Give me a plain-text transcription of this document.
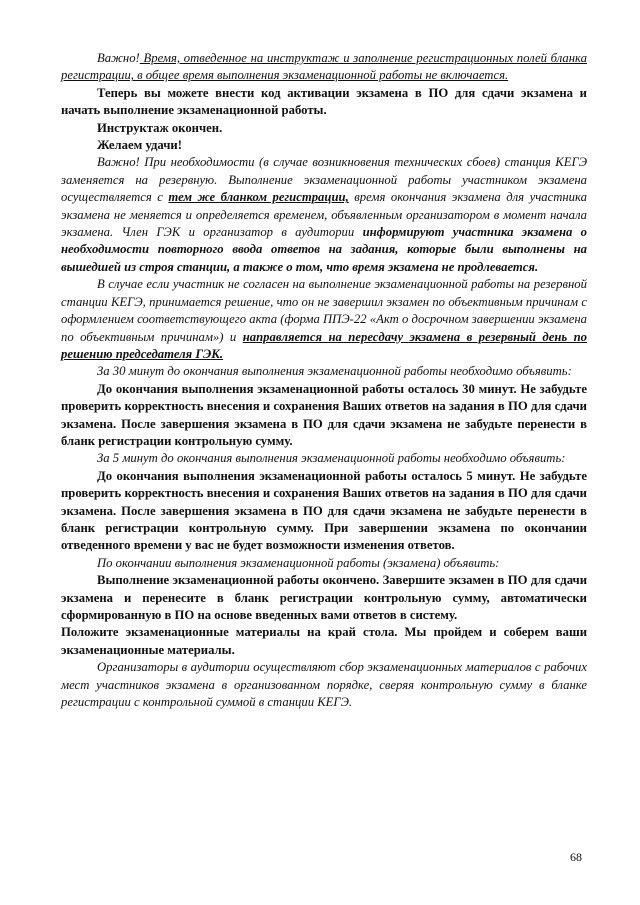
Важно! Время, отведенное на инструктаж и заполнение регистрационных полей бланка регистрации, в общее время выполнения экзаменационной работы не включается.

Теперь вы можете внести код активации экзамена в ПО для сдачи экзамена и начать выполнение экзаменационной работы.

Инструктаж окончен.

Желаем удачи!

Важно! При необходимости (в случае возникновения технических сбоев) станция КЕГЭ заменяется на резервную. Выполнение экзаменационной работы участником экзамена осуществляется с тем же бланком регистрации, время окончания экзамена для участника экзамена не меняется и определяется временем, объявленным организатором в момент начала экзамена. Член ГЭК и организатор в аудитории информируют участника экзамена о необходимости повторного ввода ответов на задания, которые были выполнены на вышедшей из строя станции, а также о том, что время экзамена не продлевается.

В случае если участник не согласен на выполнение экзаменационной работы на резервной станции КЕГЭ, принимается решение, что он не завершил экзамен по объективным причинам с оформлением соответствующего акта (форма ППЭ-22 «Акт о досрочном завершении экзамена по объективным причинам») и направляется на пересдачу экзамена в резервный день по решению председателя ГЭК.

За 30 минут до окончания выполнения экзаменационной работы необходимо объявить:

До окончания выполнения экзаменационной работы осталось 30 минут. Не забудьте проверить корректность внесения и сохранения Ваших ответов на задания в ПО для сдачи экзамена. После завершения экзамена в ПО для сдачи экзамена не забудьте перенести в бланк регистрации контрольную сумму.

За 5 минут до окончания выполнения экзаменационной работы необходимо объявить:

До окончания выполнения экзаменационной работы осталось 5 минут. Не забудьте проверить корректность внесения и сохранения Ваших ответов на задания в ПО для сдачи экзамена. После завершения экзамена в ПО для сдачи экзамена не забудьте перенести в бланк регистрации контрольную сумму. При завершении экзамена по окончании отведенного времени у вас не будет возможности изменения ответов.

По окончании выполнения экзаменационной работы (экзамена) объявить:

Выполнение экзаменационной работы окончено. Завершите экзамен в ПО для сдачи экзамена и перенесите в бланк регистрации контрольную сумму, автоматически сформированную в ПО на основе введенных вами ответов в систему.

Положите экзаменационные материалы на край стола. Мы пройдем и соберем ваши экзаменационные материалы.

Организаторы в аудитории осуществляют сбор экзаменационных материалов с рабочих мест участников экзамена в организованном порядке, сверяя контрольную сумму в бланке регистрации с контрольной суммой в станции КЕГЭ.

68
